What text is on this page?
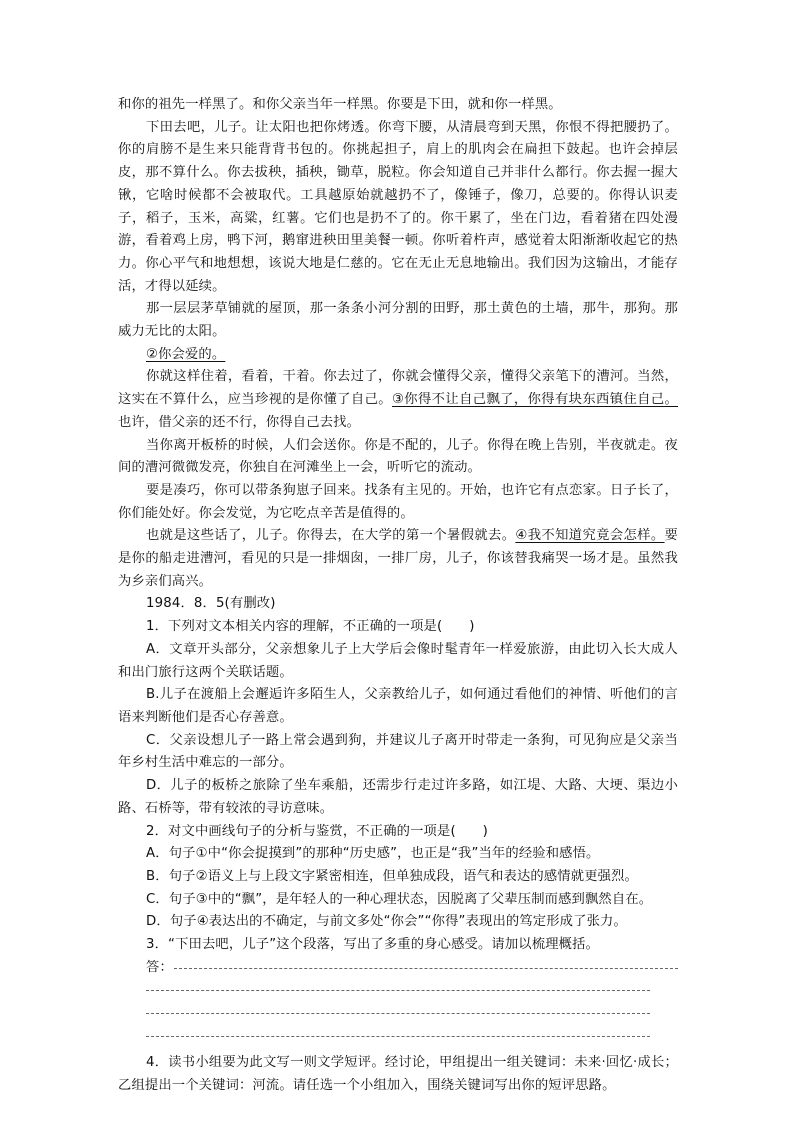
和你的祖先一样黑了。和你父亲当年一样黑。你要是下田，就和你一样黑。

下田去吧，儿子。让太阳也把你烤透。你弯下腰，从清晨弯到天黑，你恨不得把腰扔了。你的肩膀不是生来只能背背书包的。你挑起担子，肩上的肌肉会在扁担下鼓起。也许会掉层皮，那不算什么。你去拔秧，插秧，锄草，脱粒。你会知道自己并非什么都行。你去握一握大锹，它啥时候都不会被取代。工具越原始就越扔不了，像锤子，像刀，总要的。你得认识麦子，稻子，玉米，高粱，红薯。它们也是扔不了的。你干累了，坐在门边，看着猪在四处漫游，看着鸡上房，鸭下河，鹅窜进秧田里美餐一顿。你听着杵声，感觉着太阳渐渐收起它的热力。你心平气和地想想，该说大地是仁慈的。它在无止无息地输出。我们因为这输出，才能存活，才得以延续。

那一层层茅草铺就的屋顶，那一条条小河分割的田野，那土黄色的土墙，那牛，那狗。那威力无比的太阳。

②你会爱的。

你就这样住着，看着，干着。你去过了，你就会懂得父亲，懂得父亲笔下的漕河。当然，这实在不算什么，应当珍视的是你懂了自己。③你得不让自己飘了，你得有块东西镇住自己。也许，借父亲的还不行，你得自己去找。

当你离开板桥的时候，人们会送你。你是不配的，儿子。你得在晚上告别，半夜就走。夜间的漕河微微发亮，你独自在河滩坐上一会，听听它的流动。

要是凑巧，你可以带条狗崽子回来。找条有主见的。开始，也许它有点恋家。日子长了，你们能处好。你会发觉，为它吃点辛苦是值得的。

也就是这些话了，儿子。你得去，在大学的第一个暑假就去。④我不知道究竟会怎样。要是你的船走进漕河，看见的只是一排烟囱，一排厂房，儿子，你该替我痛哭一场才是。虽然我为乡亲们高兴。

1984．8．5(有删改)

1．下列对文本相关内容的理解，不正确的一项是(　　)

A．文章开头部分，父亲想象儿子上大学后会像时髦青年一样爱旅游，由此切入长大成人和出门旅行这两个关联话题。

B.儿子在渡船上会邂逅许多陌生人，父亲教给儿子，如何通过看他们的神情、听他们的言语来判断他们是否心存善意。

C．父亲设想儿子一路上常会遇到狗，并建议儿子离开时带走一条狗，可见狗应是父亲当年乡村生活中难忘的一部分。

D．儿子的板桥之旅除了坐车乘船，还需步行走过许多路，如江堤、大路、大埂、渠边小路、石桥等，带有较浓的寻访意味。

2．对文中画线句子的分析与鉴赏，不正确的一项是(　　)

A．句子①中“你会捉摸到”的那种“历史感”，也正是“我”当年的经验和感悟。

B．句子②语义上与上段文字紧密相连，但单独成段，语气和表达的感情就更强烈。

C．句子③中的“飘”，是年轻人的一种心理状态，因脱离了父辈压制而感到飘然自在。

D．句子④表达出的不确定，与前文多处“你会”“你得”表现出的笃定形成了张力。

3．“下田去吧，儿子”这个段落，写出了多重的身心感受。请加以梳理概括。

答：

4．读书小组要为此文写一则文学短评。经讨论，甲组提出一组关键词：未来·回忆·成长；乙组提出一个关键词：河流。请任选一个小组加入，围绕关键词写出你的短评思路。
